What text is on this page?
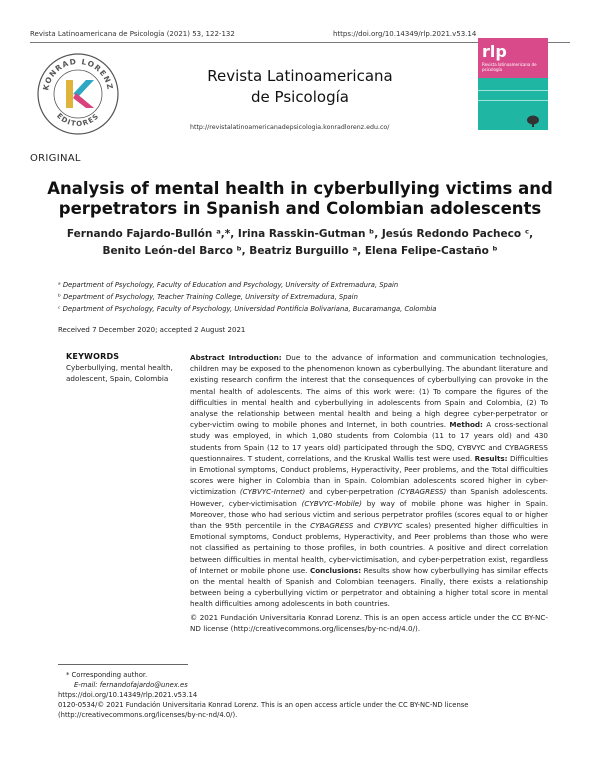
Revista Latinoamericana de Psicología (2021) 53, 122-132	https://doi.org/10.14349/rlp.2021.v53.14
KONRAD LORENZ
EDITORES
Revista Latinoamericana
de Psicología
http://revistalatinoamericanadepsicologia.konradlorenz.edu.co/
rlp
Revista latinoamericana de psicología
ORIGINAL
Analysis of mental health in cyberbullying victims and perpetrators in Spanish and Colombian adolescents
Fernando Fajardo-Bullón ᵃ,*, Irina Rasskin-Gutman ᵇ, Jesús Redondo Pacheco ᶜ,
Benito León-del Barco ᵇ, Beatriz Burguillo ᵃ, Elena Felipe-Castaño ᵇ
ᵃ Department of Psychology, Faculty of Education and Psychology, University of Extremadura, Spain
ᵇ Department of Psychology, Teacher Training College, University of Extremadura, Spain
ᶜ Department of Psychology, Faculty of Psychology, Universidad Pontificia Bolivariana, Bucaramanga, Colombia
Received 7 December 2020; accepted 2 August 2021
KEYWORDS
Cyberbullying, mental health, adolescent, Spain, Colombia

Abstract Introduction: Due to the advance of information and communication technologies, children may be exposed to the phenomenon known as cyberbullying. The abundant literature and existing research confirm the interest that the consequences of cyberbullying can provoke in the mental health of adolescents. The aims of this work were: (1) To compare the figures of the difficulties in mental health and cyberbullying in adolescents from Spain and Colombia, (2) To analyse the relationship between mental health and being a high degree cyber-perpetrator or cyber-victim owing to mobile phones and Internet, in both countries. Method: A cross-sectional study was employed, in which 1,080 students from Colombia (11 to 17 years old) and 430 students from Spain (12 to 17 years old) participated through the SDQ, CYBVYC and CYBAGRESS questionnaires. T student, correlations, and the Kruskal Wallis test were used. Results: Difficulties in Emotional symptoms, Conduct problems, Hyperactivity, Peer problems, and the Total difficulties scores were higher in Colombia than in Spain. Colombian adolescents scored higher in cyber-victimization (CYBVYC-Internet) and cyber-perpetration (CYBAGRESS) than Spanish adolescents. However, cyber-victimisation (CYBVYC-Mobile) by way of mobile phone was higher in Spain. Moreover, those who had serious victim and serious perpetrator profiles (scores equal to or higher than the 95th percentile in the CYBAGRESS and CYBVYC scales) presented higher difficulties in Emotional symptoms, Conduct problems, Hyperactivity, and Peer problems than those who were not classified as pertaining to those profiles, in both countries. A positive and direct correlation between difficulties in mental health, cyber-victimisation, and cyber-perpetration exist, regardless of Internet or mobile phone use. Conclusions: Results show how cyberbullying has similar effects on the mental health of Spanish and Colombian teenagers. Finally, there exists a relationship between being a cyberbullying victim or perpetrator and obtaining a higher total score in mental health difficulties among adolescents in both countries.

© 2021 Fundación Universitaria Konrad Lorenz. This is an open access article under the CC BY-NC-ND license (http://creativecommons.org/licenses/by-nc-nd/4.0/).

* Corresponding author.
E-mail: fernandofajardo@unex.es
https://doi.org/10.14349/rlp.2021.v53.14
0120-0534/© 2021 Fundación Universitaria Konrad Lorenz. This is an open access article under the CC BY-NC-ND license (http://creativecommons.org/licenses/by-nc-nd/4.0/).
